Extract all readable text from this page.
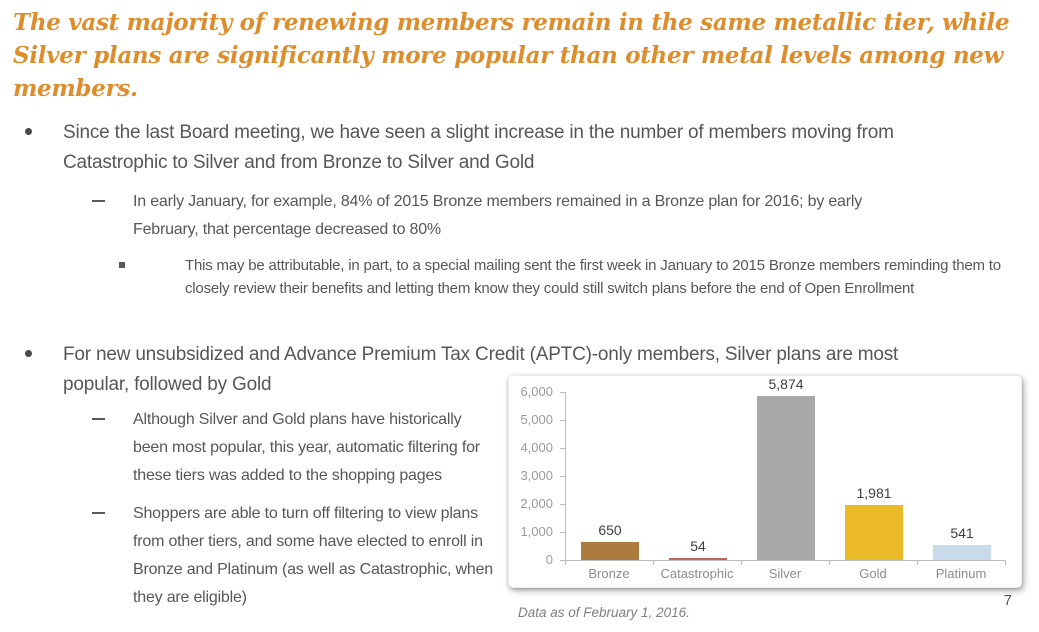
The vast majority of renewing members remain in the same metallic tier, while Silver plans are significantly more popular than other metal levels among new members.
Since the last Board meeting, we have seen a slight increase in the number of members moving from Catastrophic to Silver and from Bronze to Silver and Gold
In early January, for example, 84% of 2015 Bronze members remained in a Bronze plan for 2016; by early February, that percentage decreased to 80%
This may be attributable, in part, to a special mailing sent the first week in January to 2015 Bronze members reminding them to closely review their benefits and letting them know they could still switch plans before the end of Open Enrollment
For new unsubsidized and Advance Premium Tax Credit (APTC)-only members, Silver plans are most popular, followed by Gold
Although Silver and Gold plans have historically been most popular, this year, automatic filtering for these tiers was added to the shopping pages
Shoppers are able to turn off filtering to view plans from other tiers, and some have elected to enroll in Bronze and Platinum (as well as Catastrophic, when they are eligible)
650
54
5,874
1,981
541
Bronze	Catastrophic	Silver	Gold	Platinum
6,000
5,000
4,000
3,000
2,000
1,000
0
Data as of February 1, 2016.
7
